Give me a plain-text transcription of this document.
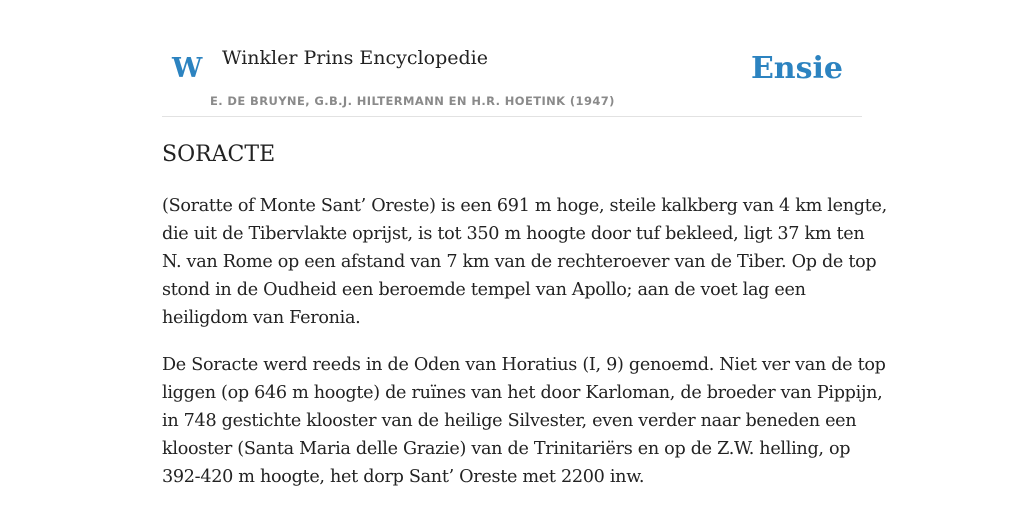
W Winkler Prins Encyclopedie
E. DE BRUYNE, G.B.J. HILTERMANN EN H.R. HOETINK (1947)
Ensie
SORACTE

(Soratte of Monte Sant’ Oreste) is een 691 m hoge, steile kalkberg van 4 km lengte,
die uit de Tibervlakte oprijst, is tot 350 m hoogte door tuf bekleed, ligt 37 km ten
N. van Rome op een afstand van 7 km van de rechteroever van de Tiber. Op de top
stond in de Oudheid een beroemde tempel van Apollo; aan de voet lag een
heiligdom van Feronia.

De Soracte werd reeds in de Oden van Horatius (I, 9) genoemd. Niet ver van de top
liggen (op 646 m hoogte) de ruïnes van het door Karloman, de broeder van Pippijn,
in 748 gestichte klooster van de heilige Silvester, even verder naar beneden een
klooster (Santa Maria delle Grazie) van de Trinitariërs en op de Z.W. helling, op
392-420 m hoogte, het dorp Sant’ Oreste met 2200 inw.
